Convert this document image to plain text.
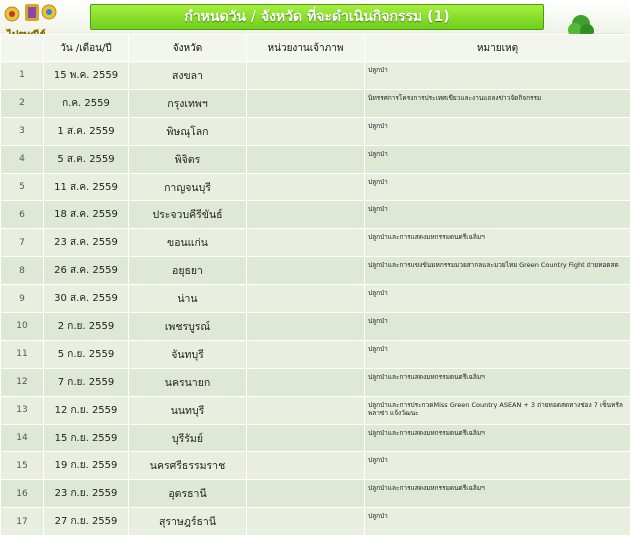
กำหนดวัน / จังหวัด ที่จะดำเนินกิจกรรม (1)
	วัน /เดือน/ปี	จังหวัด	หน่วยงานเจ้าภาพ	หมายเหตุ
1	15 พ.ค. 2559	สงขลา		ปลูกป่า
2	ก.ค. 2559	กรุงเทพฯ		นิทรรศการโครงการประเทศเขียวและงานแถลงข่าวจัดกิจกรรม
3	1 ส.ค. 2559	พิษณุโลก		ปลูกป่า
4	5 ส.ค. 2559	พิจิตร		ปลูกป่า
5	11 ส.ค. 2559	กาญจนบุรี		ปลูกป่า
6	18 ส.ค. 2559	ประจวบคีรีขันธ์		ปลูกป่า
7	23 ส.ค. 2559	ขอนแก่น		ปลูกป่าและการแสดงมหกรรมดนตรีเฉลิมฯ
8	26 ส.ค. 2559	อยุธยา		ปลูกป่าและการแข่งขันมหกรรมมวยสากลและมวยไทย Green Country Fight ถ่ายทอดสด
9	30 ส.ค. 2559	น่าน		ปลูกป่า
10	2 ก.ย. 2559	เพชรบูรณ์		ปลูกป่า
11	5 ก.ย. 2559	จันทบุรี		ปลูกป่า
12	7 ก.ย. 2559	นครนายก		ปลูกป่าและการแสดงมหกรรมดนตรีเฉลิมฯ
13	12 ก.ย. 2559	นนทบุรี		ปลูกป่าและการประกวดMiss Green Country ASEAN + 3 ถ่ายทอดสดทางช่อง 7 เซ็นทรัลพลาซ่า แจ้งวัฒนะ
14	15 ก.ย. 2559	บุรีรัมย์		ปลูกป่าและการแสดงมหกรรมดนตรีเฉลิมฯ
15	19 ก.ย. 2559	นครศรีธรรมราช		ปลูกป่า
16	23 ก.ย. 2559	อุดรธานี		ปลูกป่าและการแสดงมหกรรมดนตรีเฉลิมฯ
17	27 ก.ย. 2559	สุราษฎร์ธานี		ปลูกป่า
